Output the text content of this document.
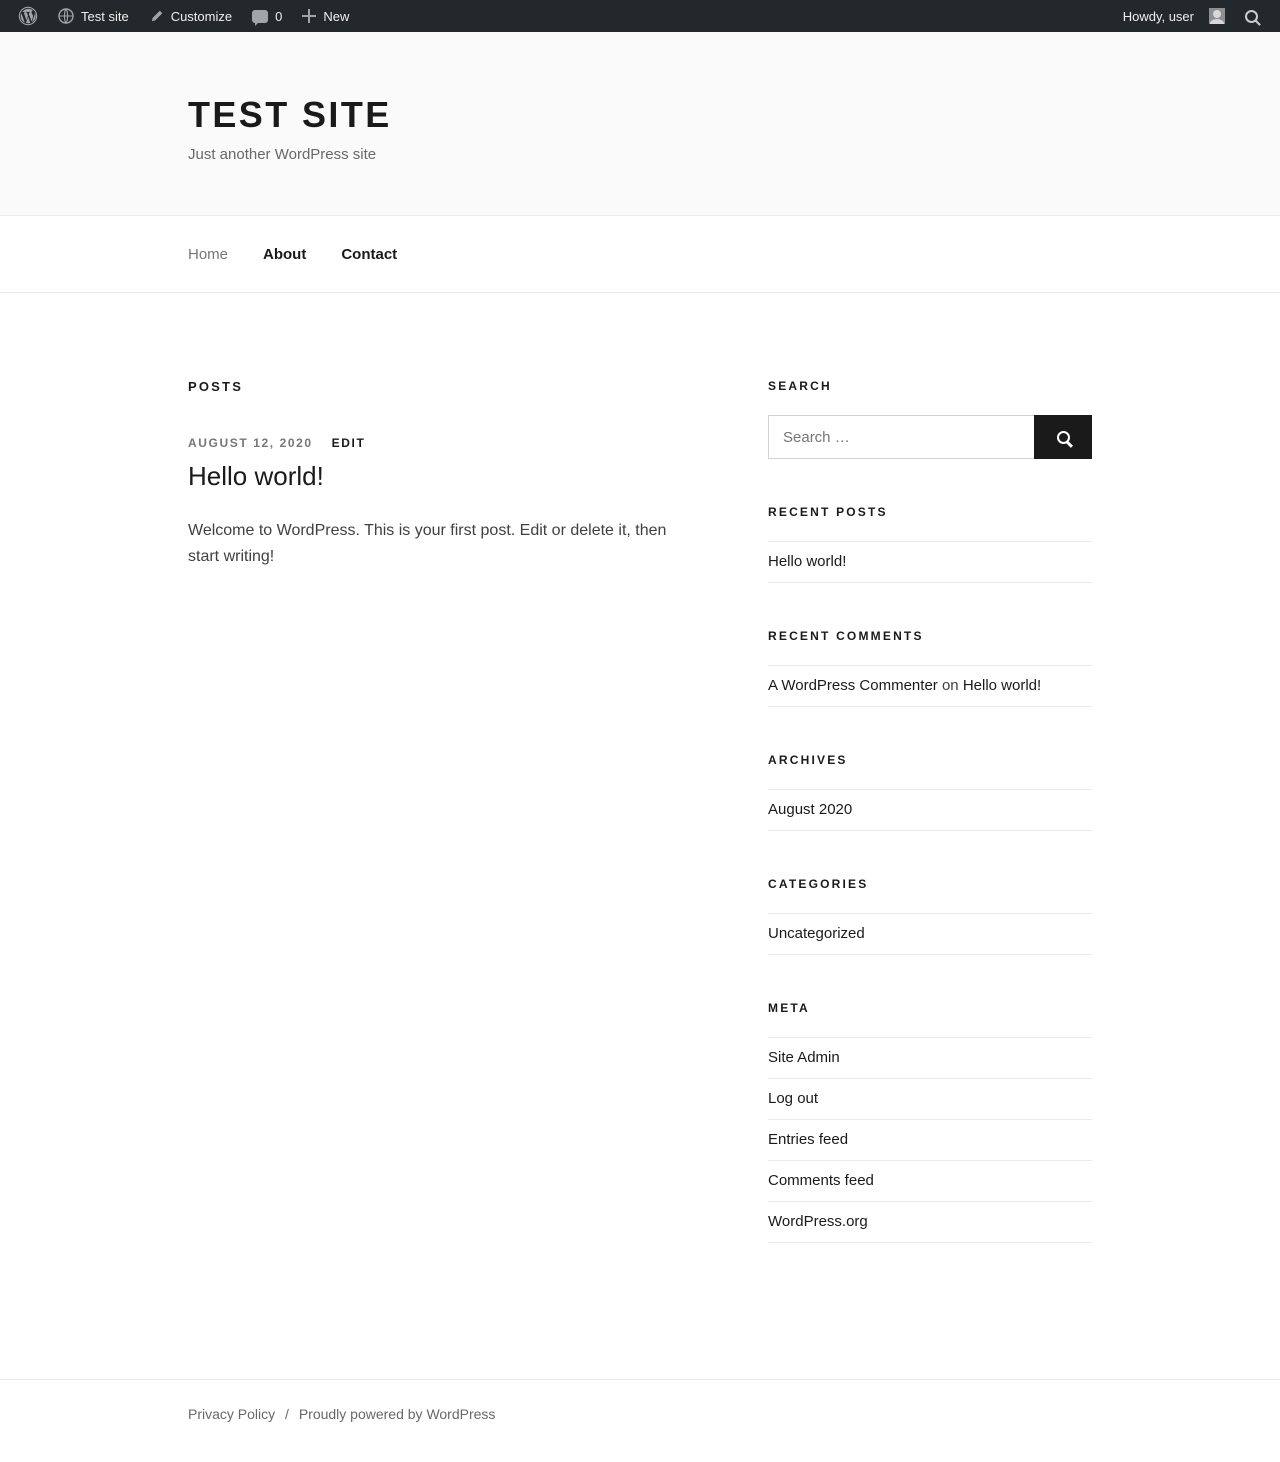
Test site	Customize	0	New	Howdy, user
TEST SITE

Just another WordPress site

Home About Contact
POSTS
AUGUST 12, 2020 EDIT
Hello world!

Welcome to WordPress. This is your first post. Edit or delete it, then start writing!

SEARCH
Search …
RECENT POSTS
Hello world!
RECENT COMMENTS
A WordPress Commenter on Hello world!
ARCHIVES
August 2020
CATEGORIES
Uncategorized
META
Site Admin
Log out
Entries feed
Comments feed
WordPress.org
Privacy Policy / Proudly powered by WordPress
